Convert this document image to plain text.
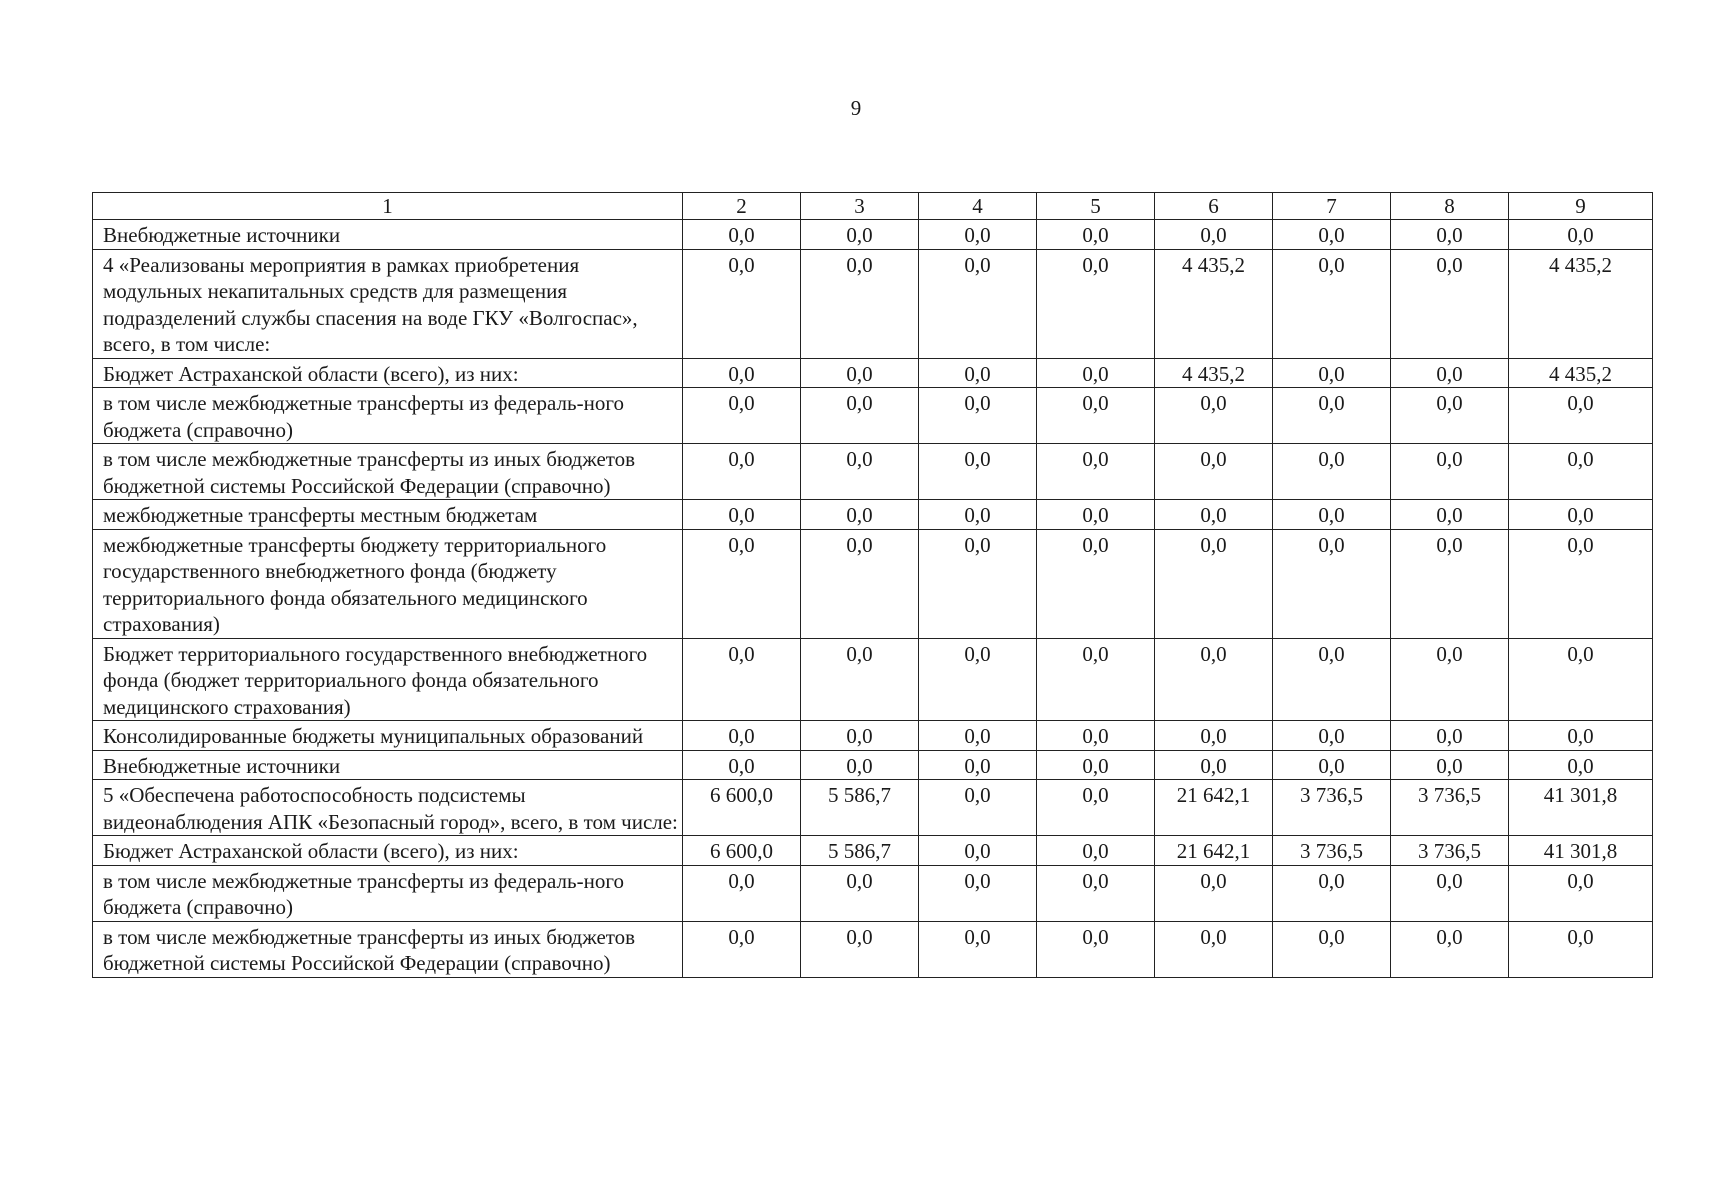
9
1	2	3	4	5	6	7	8	9
Внебюджетные источники	0,0	0,0	0,0	0,0	0,0	0,0	0,0	0,0
4 «Реализованы мероприятия в рамках приобретения модульных некапитальных средств для размещения подразделений службы спасения на воде ГКУ «Волгоспас», всего, в том числе:	0,0	0,0	0,0	0,0	4 435,2	0,0	0,0	4 435,2
Бюджет Астраханской области (всего), из них:	0,0	0,0	0,0	0,0	4 435,2	0,0	0,0	4 435,2
в том числе межбюджетные трансферты из федераль-ного бюджета (справочно)	0,0	0,0	0,0	0,0	0,0	0,0	0,0	0,0
в том числе межбюджетные трансферты из иных бюджетов бюджетной системы Российской Федерации (справочно)	0,0	0,0	0,0	0,0	0,0	0,0	0,0	0,0
межбюджетные трансферты местным бюджетам	0,0	0,0	0,0	0,0	0,0	0,0	0,0	0,0
межбюджетные трансферты бюджету территориального государственного внебюджетного фонда (бюджету территориального фонда обязательного медицинского страхования)	0,0	0,0	0,0	0,0	0,0	0,0	0,0	0,0
Бюджет территориального государственного внебюджетного фонда (бюджет территориального фонда обязательного медицинского страхования)	0,0	0,0	0,0	0,0	0,0	0,0	0,0	0,0
Консолидированные бюджеты муниципальных образований	0,0	0,0	0,0	0,0	0,0	0,0	0,0	0,0
Внебюджетные источники	0,0	0,0	0,0	0,0	0,0	0,0	0,0	0,0
5 «Обеспечена работоспособность подсистемы видеонаблюдения АПК «Безопасный город», всего, в том числе:	6 600,0	5 586,7	0,0	0,0	21 642,1	3 736,5	3 736,5	41 301,8
Бюджет Астраханской области (всего), из них:	6 600,0	5 586,7	0,0	0,0	21 642,1	3 736,5	3 736,5	41 301,8
в том числе межбюджетные трансферты из федераль-ного бюджета (справочно)	0,0	0,0	0,0	0,0	0,0	0,0	0,0	0,0
в том числе межбюджетные трансферты из иных бюджетов бюджетной системы Российской Федерации (справочно)	0,0	0,0	0,0	0,0	0,0	0,0	0,0	0,0
